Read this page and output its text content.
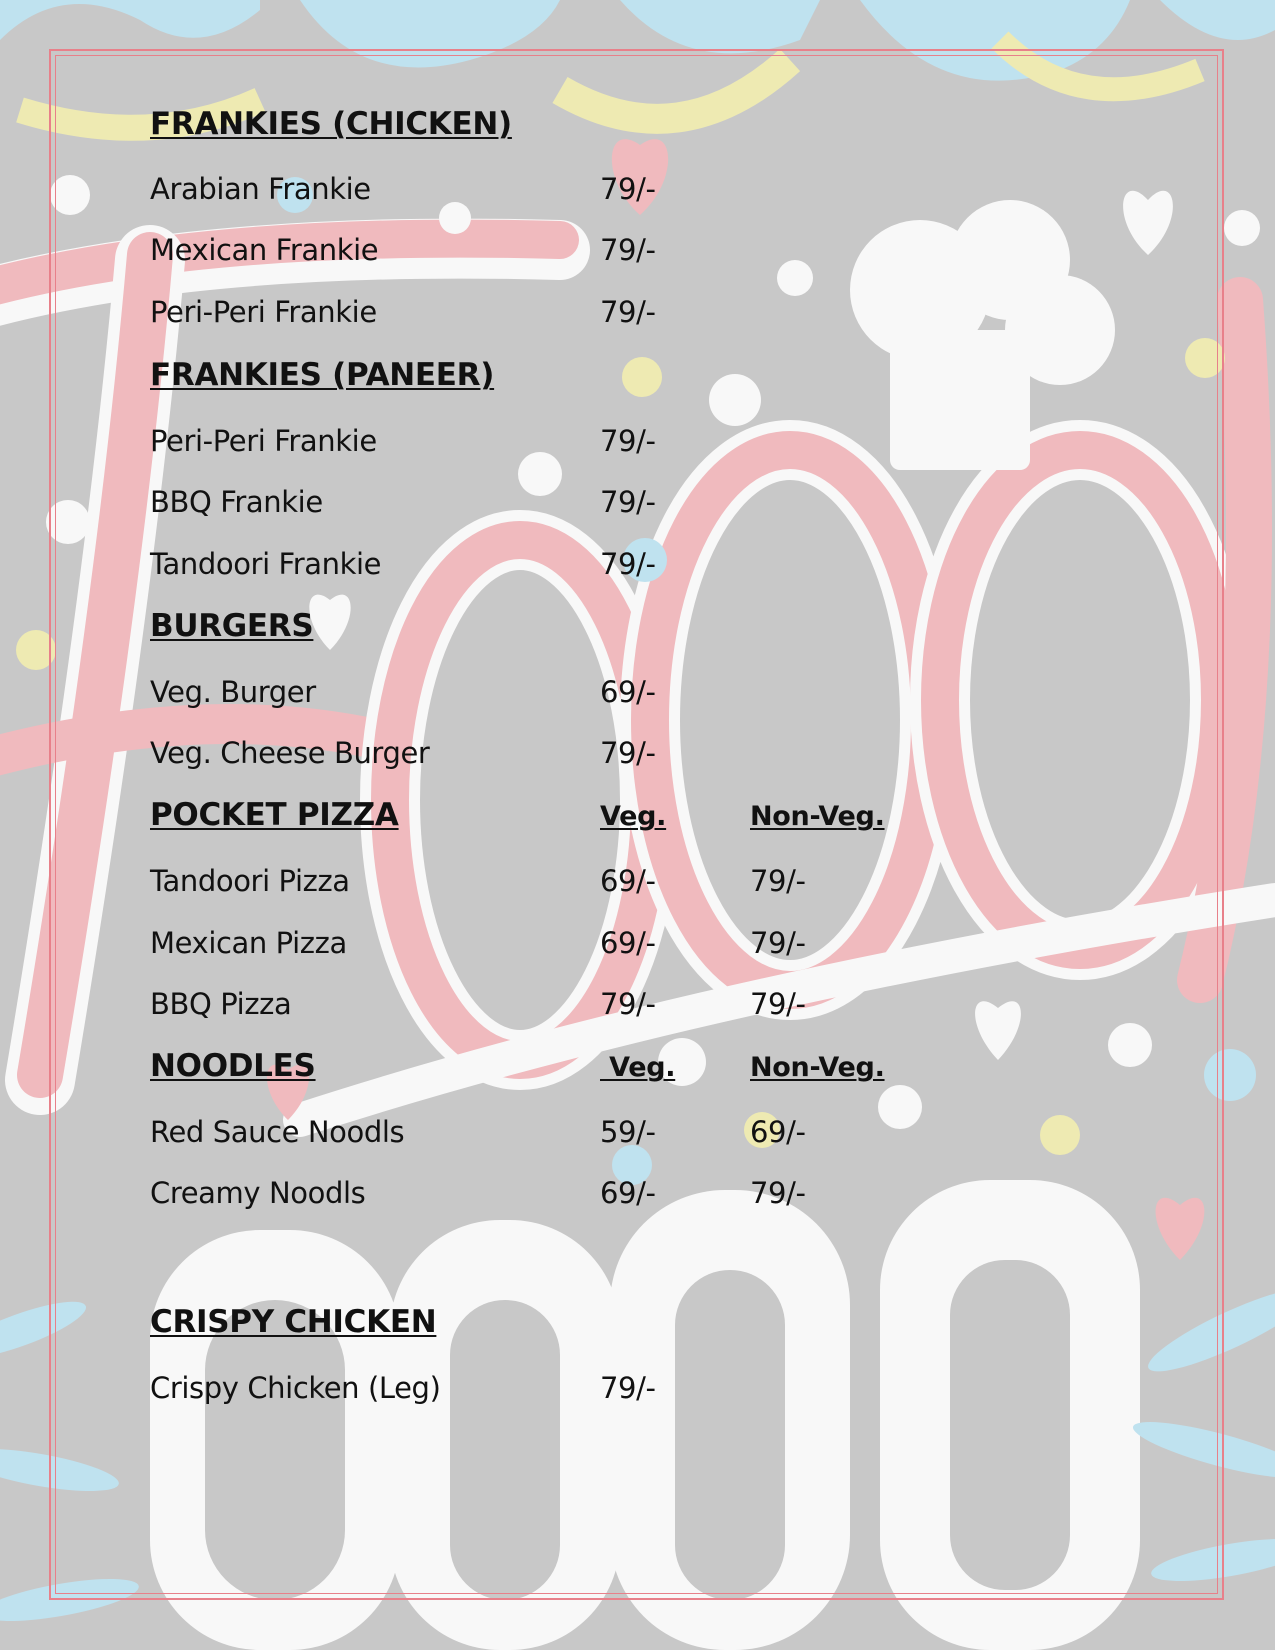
FRANKIES (CHICKEN)
Arabian Frankie	79/-
Mexican Frankie	79/-
Peri-Peri Frankie	79/-
FRANKIES (PANEER)
Peri-Peri Frankie	79/-
BBQ Frankie	79/-
Tandoori Frankie	79/-
BURGERS
Veg. Burger	69/-
Veg. Cheese Burger	79/-
POCKET PIZZA	Veg.	Non-Veg.
Tandoori Pizza	69/-	79/-
Mexican Pizza	69/-	79/-
BBQ Pizza	79/-	79/-
NOODLES	Veg.	Non-Veg.
Red Sauce Noodls	59/-	69/-
Creamy Noodls	69/-	79/-
CRISPY CHICKEN
Crispy Chicken (Leg)	79/-
